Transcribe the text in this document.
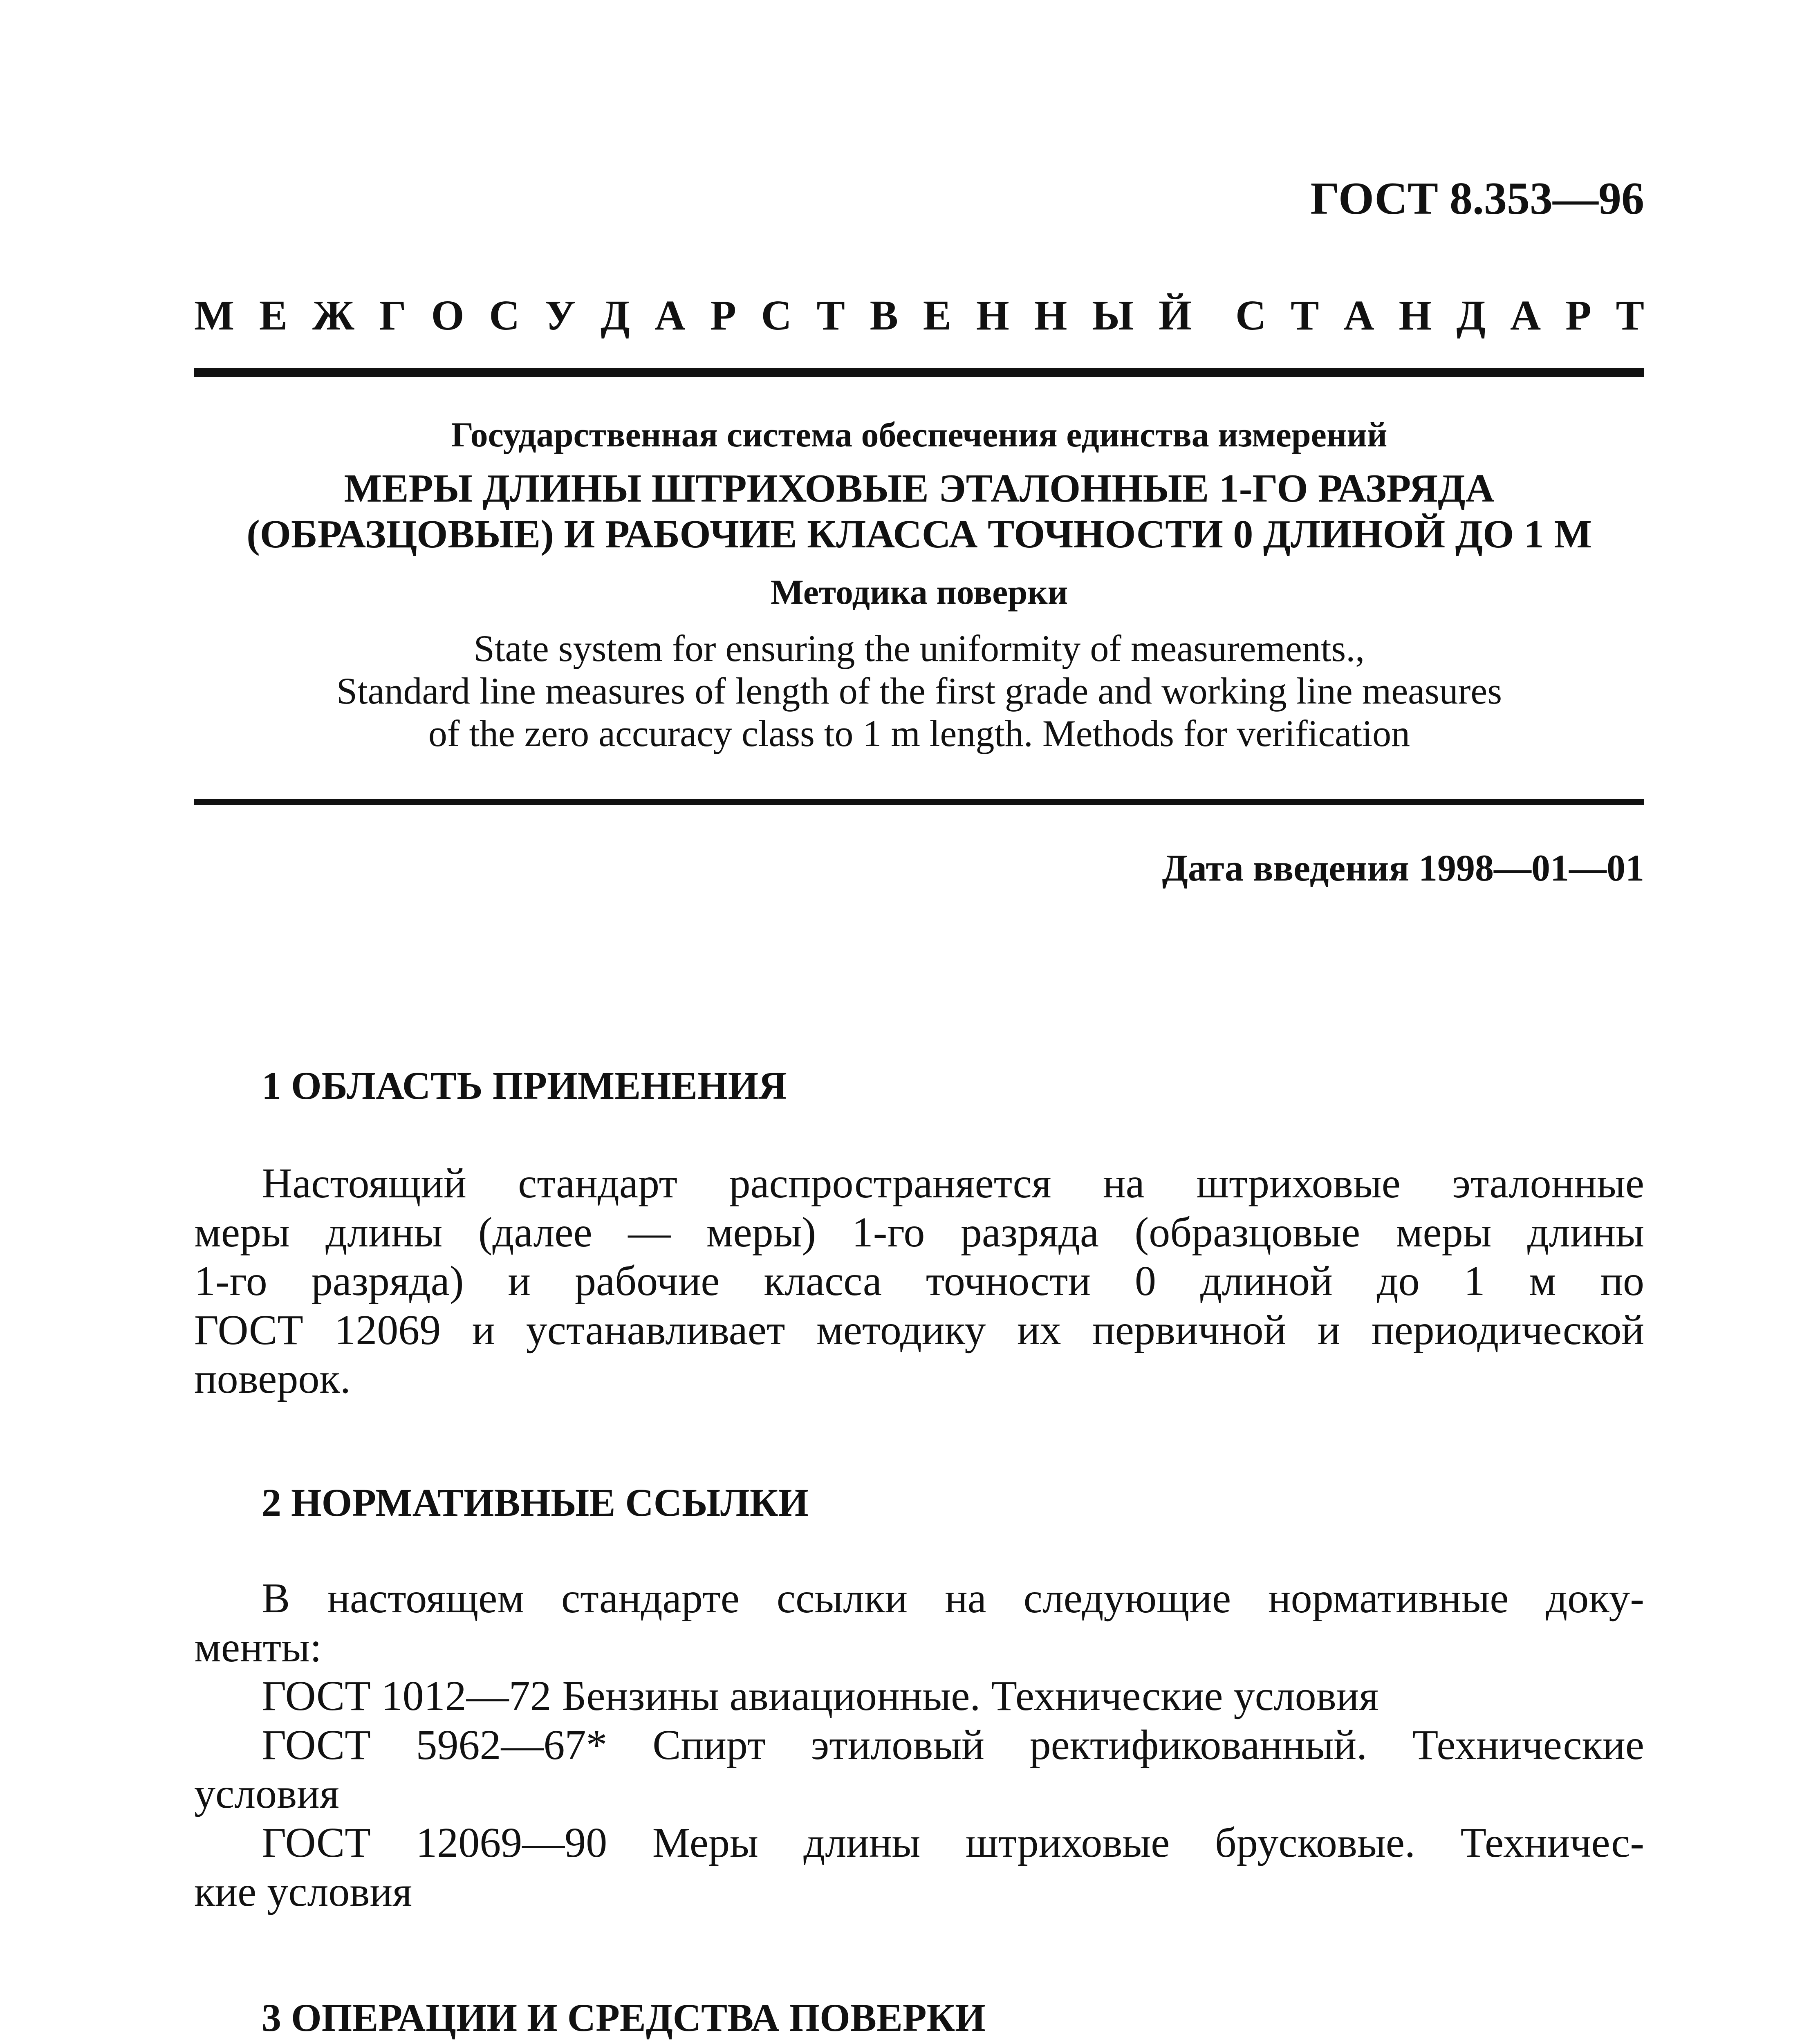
ГОСТ 8.353—96
М Е Ж Г О С У Д А Р С Т В Е Н Н Ы Й С Т А Н Д А Р Т
Государственная система обеспечения единства измерений
МЕРЫ ДЛИНЫ ШТРИХОВЫЕ ЭТАЛОННЫЕ 1-ГО РАЗРЯДА
(ОБРАЗЦОВЫЕ) И РАБОЧИЕ КЛАССА ТОЧНОСТИ 0 ДЛИНОЙ ДО 1 М
Методика поверки
State system for ensuring the uniformity of measurements.,
Standard line measures of length of the first grade and working line measures
of the zero accuracy class to 1 m length. Methods for verification
Дата введения 1998—01—01
1 ОБЛАСТЬ ПРИМЕНЕНИЯ
Настоящий стандарт распространяется на штриховые эталонные
меры длины (далее — меры) 1-го разряда (образцовые меры длины
1-го разряда) и рабочие класса точности 0 длиной до 1 м по
ГОСТ 12069 и устанавливает методику их первичной и периодической
поверок.
2 НОРМАТИВНЫЕ ССЫЛКИ
В настоящем стандарте ссылки на следующие нормативные доку-
менты:
ГОСТ 1012—72 Бензины авиационные. Технические условия
ГОСТ 5962—67* Спирт этиловый ректификованный. Технические
условия
ГОСТ 12069—90 Меры длины штриховые брусковые. Техничес-
кие условия
3 ОПЕРАЦИИ И СРЕДСТВА ПОВЕРКИ
